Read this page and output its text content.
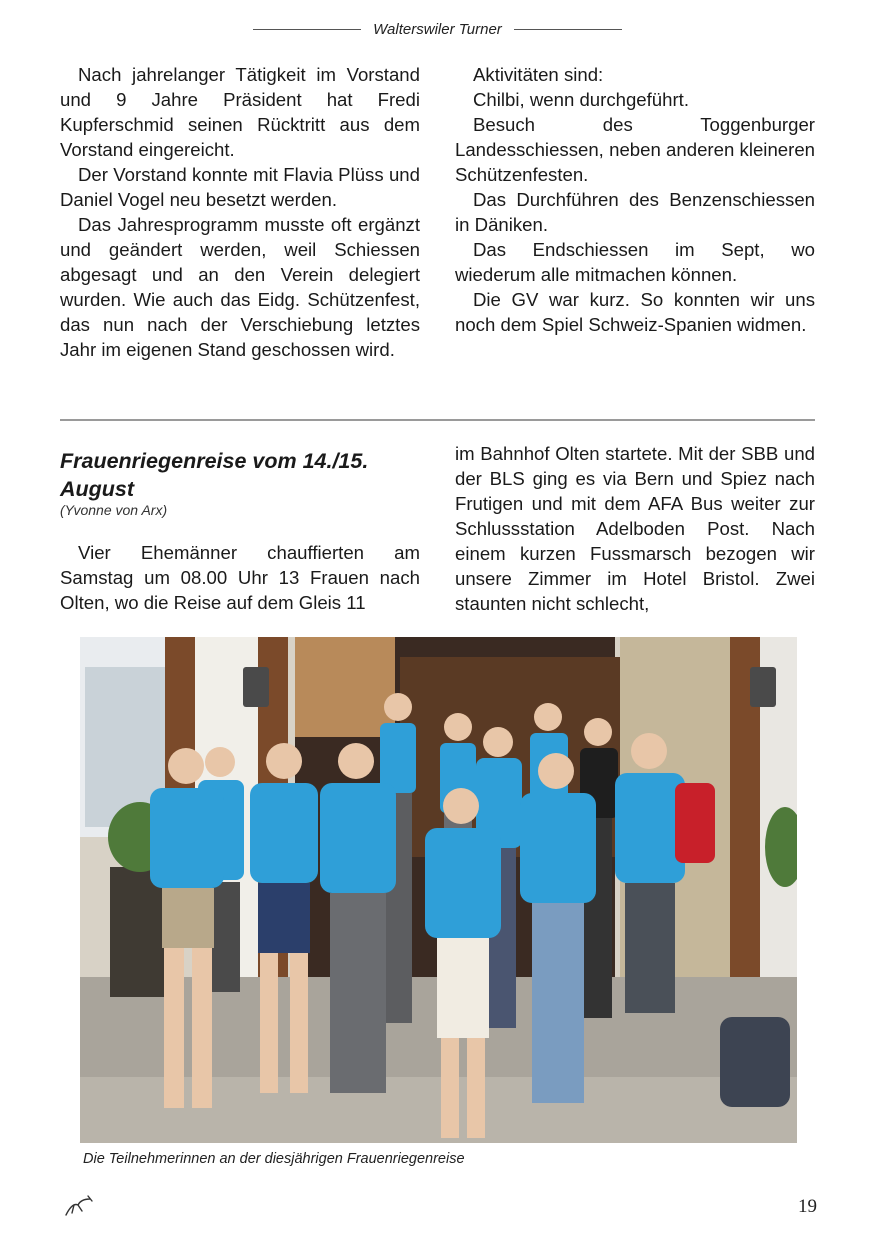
Walterswiler Turner

Nach jahrelanger Tätigkeit im Vorstand und 9 Jahre Präsident hat Fredi Kupferschmid seinen Rücktritt aus dem Vorstand eingereicht.

Der Vorstand konnte mit Flavia Plüss und Daniel Vogel neu besetzt werden.

Das Jahresprogramm musste oft ergänzt und geändert werden, weil Schiessen abgesagt und an den Verein delegiert wurden. Wie auch das Eidg. Schützenfest, das nun nach der Verschiebung letztes Jahr im eigenen Stand geschossen wird.

Aktivitäten sind:

Chilbi, wenn durchgeführt.

Besuch des Toggenburger Landesschiessen, neben anderen kleineren Schützenfesten.

Das Durchführen des Benzenschiessen in Däniken.

Das Endschiessen im Sept, wo wiederum alle mitmachen können.

Die GV war kurz. So konnten wir uns noch dem Spiel Schweiz-Spanien widmen.

Frauenriegenreise vom 14./15. August
(Yvonne von Arx)

Vier Ehemänner chauffierten am Samstag um 08.00 Uhr 13 Frauen nach Olten, wo die Reise auf dem Gleis 11

im Bahnhof Olten startete. Mit der SBB und der BLS ging es via Bern und Spiez nach Frutigen und mit dem AFA Bus weiter zur Schlussstation Adelboden Post. Nach einem kurzen Fussmarsch bezogen wir unsere Zimmer im Hotel Bristol. Zwei staunten nicht schlecht,

Die Teilnehmerinnen an der diesjährigen Frauenriegenreise
19
